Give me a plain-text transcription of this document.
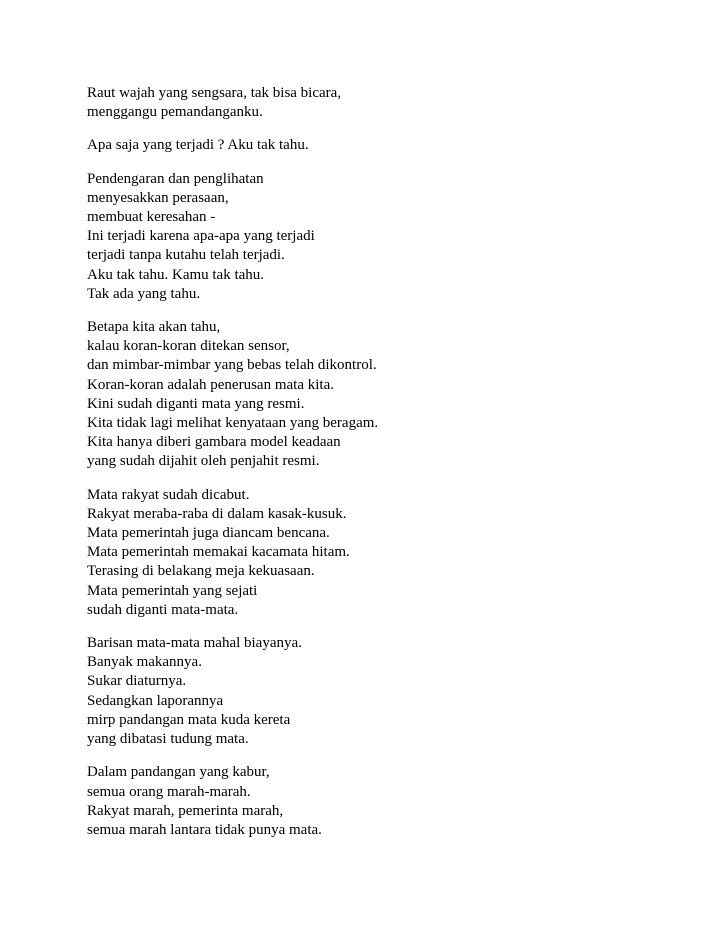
Raut wajah yang sengsara, tak bisa bicara,
menggangu pemandanganku.
Apa saja yang terjadi ? Aku tak tahu.
Pendengaran dan penglihatan
menyesakkan perasaan,
membuat keresahan -
Ini terjadi karena apa-apa yang terjadi
terjadi tanpa kutahu telah terjadi.
Aku tak tahu. Kamu tak tahu.
Tak ada yang tahu.
Betapa kita akan tahu,
kalau koran-koran ditekan sensor,
dan mimbar-mimbar yang bebas telah dikontrol.
Koran-koran adalah penerusan mata kita.
Kini sudah diganti mata yang resmi.
Kita tidak lagi melihat kenyataan yang beragam.
Kita hanya diberi gambara model keadaan
yang sudah dijahit oleh penjahit resmi.
Mata rakyat sudah dicabut.
Rakyat meraba-raba di dalam kasak-kusuk.
Mata pemerintah juga diancam bencana.
Mata pemerintah memakai kacamata hitam.
Terasing di belakang meja kekuasaan.
Mata pemerintah yang sejati
sudah diganti mata-mata.
Barisan mata-mata mahal biayanya.
Banyak makannya.
Sukar diaturnya.
Sedangkan laporannya
mirp pandangan mata kuda kereta
yang dibatasi tudung mata.
Dalam pandangan yang kabur,
semua orang marah-marah.
Rakyat marah, pemerinta marah,
semua marah lantara tidak punya mata.
